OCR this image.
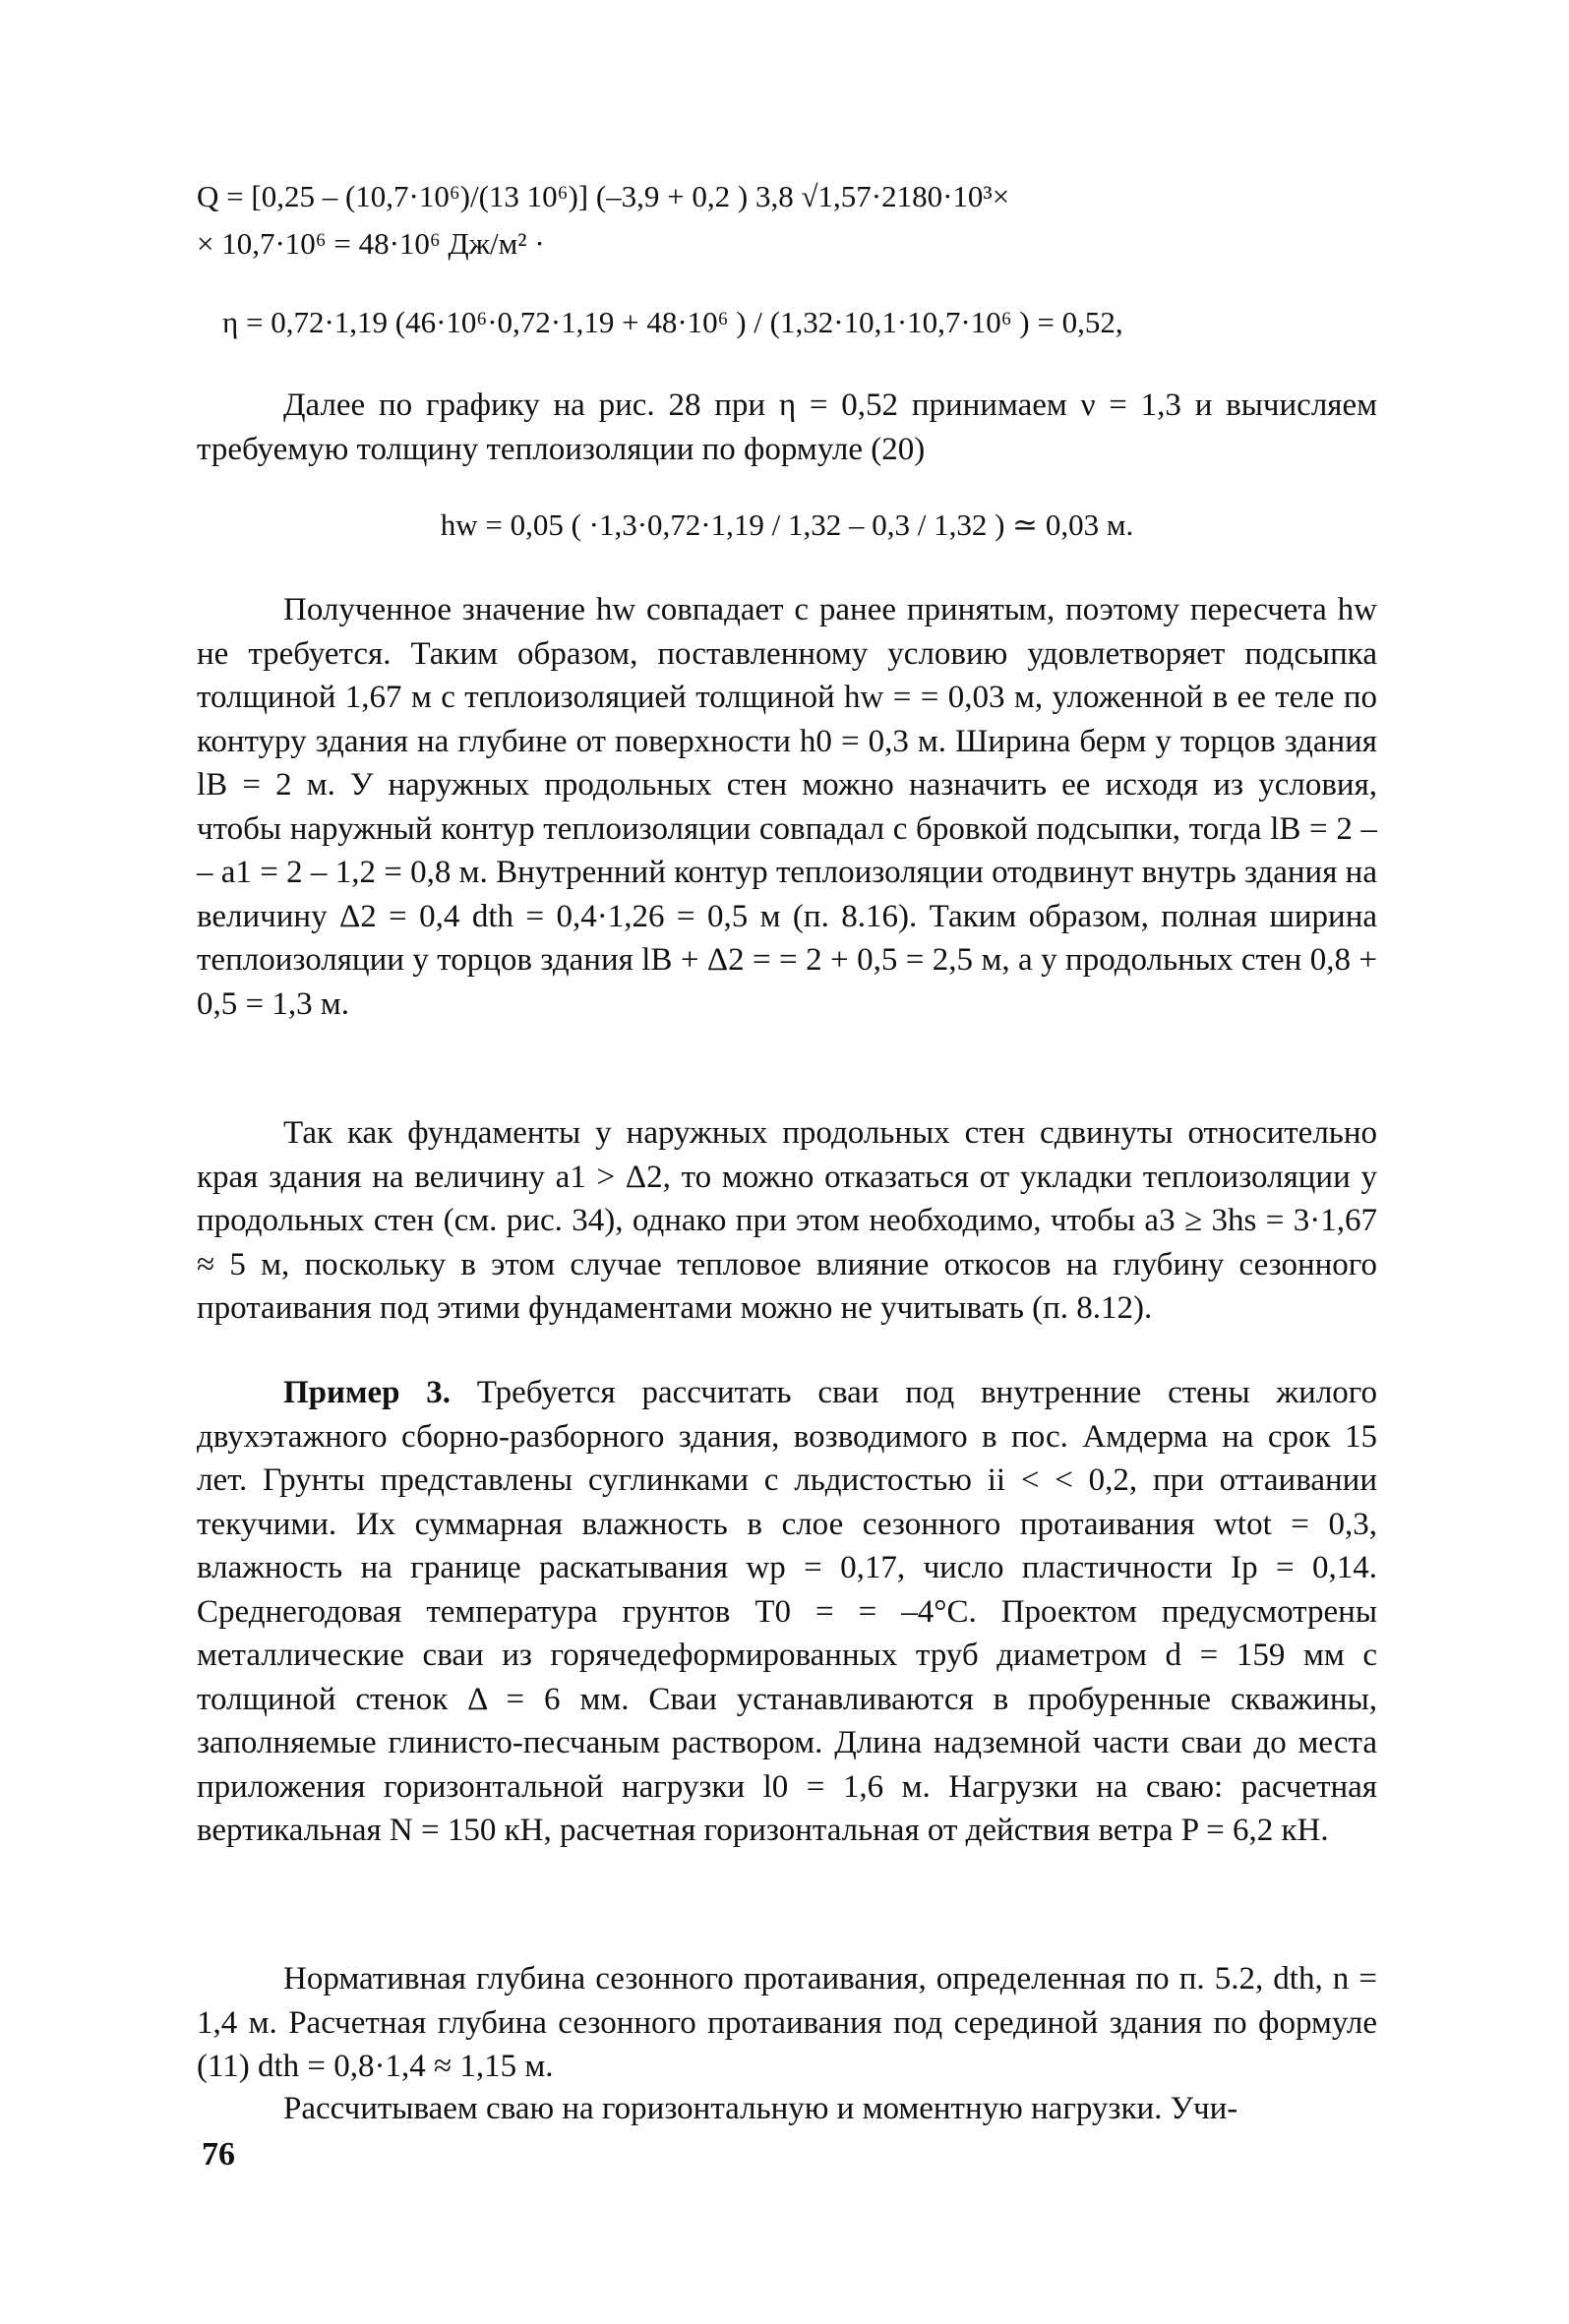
Q = [0,25 – (10,7·10⁶)/(13 10⁶)] (–3,9 + 0,2 ) 3,8 √1,57·2180·10³×
× 10,7·10⁶ = 48·10⁶ Дж/м² ·
η = 0,72·1,19 (46·10⁶·0,72·1,19 + 48·10⁶ ) / (1,32·10,1·10,7·10⁶ ) = 0,52,
Далее по графику на рис. 28 при η = 0,52 принимаем ν = 1,3 и вычисляем требуемую толщину теплоизоляции по формуле (20)
hw = 0,05 ( ·1,3·0,72·1,19 / 1,32 – 0,3 / 1,32 ) ≃ 0,03 м.
Полученное значение hw совпадает с ранее принятым, поэтому пересчета hw не требуется. Таким образом, поставленному условию удовлетворяет подсыпка толщиной 1,67 м с теплоизоляцией толщиной hw = = 0,03 м, уложенной в ее теле по контуру здания на глубине от поверхности h0 = 0,3 м. Ширина берм у торцов здания lB = 2 м. У наружных продольных стен можно назначить ее исходя из условия, чтобы наружный контур теплоизоляции совпадал с бровкой подсыпки, тогда lB = 2 – – a1 = 2 – 1,2 = 0,8 м. Внутренний контур теплоизоляции отодвинут внутрь здания на величину Δ2 = 0,4 dth = 0,4·1,26 = 0,5 м (п. 8.16). Таким образом, полная ширина теплоизоляции у торцов здания lB + Δ2 = = 2 + 0,5 = 2,5 м, а у продольных стен 0,8 + 0,5 = 1,3 м.
Так как фундаменты у наружных продольных стен сдвинуты относительно края здания на величину a1 > Δ2, то можно отказаться от укладки теплоизоляции у продольных стен (см. рис. 34), однако при этом необходимо, чтобы a3 ≥ 3hs = 3·1,67 ≈ 5 м, поскольку в этом случае тепловое влияние откосов на глубину сезонного протаивания под этими фундаментами можно не учитывать (п. 8.12).
Пример 3. Требуется рассчитать сваи под внутренние стены жилого двухэтажного сборно-разборного здания, возводимого в пос. Амдерма на срок 15 лет. Грунты представлены суглинками с льдистостью ii < < 0,2, при оттаивании текучими. Их суммарная влажность в слое сезонного протаивания wtot = 0,3, влажность на границе раскатывания wp = 0,17, число пластичности Ip = 0,14. Среднегодовая температура грунтов T0 = = –4°C. Проектом предусмотрены металлические сваи из горячедеформированных труб диаметром d = 159 мм с толщиной стенок Δ = 6 мм. Сваи устанавливаются в пробуренные скважины, заполняемые глинисто-песчаным раствором. Длина надземной части сваи до места приложения горизонтальной нагрузки l0 = 1,6 м. Нагрузки на сваю: расчетная вертикальная N = 150 кН, расчетная горизонтальная от действия ветра P = 6,2 кН.
Нормативная глубина сезонного протаивания, определенная по п. 5.2, dth, n = 1,4 м. Расчетная глубина сезонного протаивания под серединой здания по формуле (11) dth = 0,8·1,4 ≈ 1,15 м.
Рассчитываем сваю на горизонтальную и моментную нагрузки. Учи-
76
